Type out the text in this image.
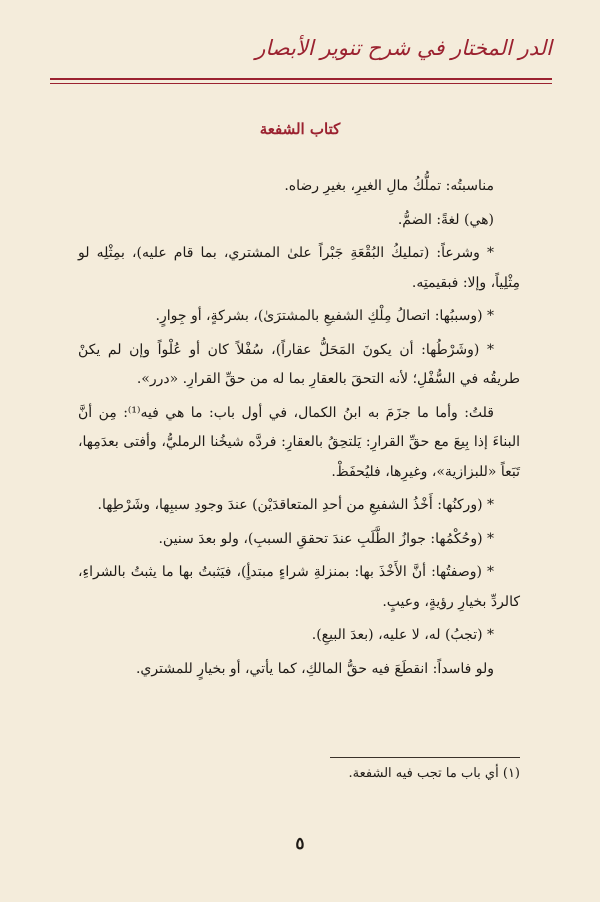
الدر المختار في شرح تنوير الأبصار
كتاب الشفعة

مناسبتُه: تملُّكُ مالِ الغيرِ، بغيرِ رضاه.

(هي) لغةً: الضمُّ.

* وشرعاً: (تمليكُ البُقْعَةِ جَبْراً علىٰ المشتري، بما قام عليه)، بمِثْلِه لو مِثْلِياً، وإلا: فبقيمتِه.

* (وسببُها: اتصالُ مِلْكِ الشفيعِ بالمشترَىٰ)، بشركةٍ، أو جِوارٍ.

* (وشَرْطُها: أن يكونَ المَحَلُّ عقاراً)، سُفْلاً كان أو عُلْواً وإن لم يكنْ طريقُه في السُّفْلِ؛ لأنه التحقَ بالعقارِ بما له من حقِّ القرارِ. «درر».

قلتُ: وأما ما جزَمَ به ابنُ الكمال، في أول باب: ما هي فيه⁽¹⁾: مِن أنَّ البناءَ إذا بِيعَ مع حقِّ القرارِ: يَلتحِقُ بالعقارِ: فردَّه شيخُنا الرمليُّ، وأفتى بعدَمِها، تَبَعاً «للبزازية»، وغيرِها، فليُحفَظْ.

* (وركنُها: أَخْذُ الشفيعِ من أحدِ المتعاقدَيْن) عندَ وجودِ سببِها، وشَرْطِها.

* (وحُكْمُها: جوازُ الطَّلَبِ عندَ تحققِ السببِ)، ولو بعدَ سنين.

* (وصفتُها: أنَّ الأَخْذَ بها: بمنزلةِ شراءٍ مبتدأٍ)، فيَثبتُ بها ما يثبتُ بالشراءِ، كالردِّ بخيارِ رؤيةٍ، وعيبٍ.

* (تجبُ) له، لا عليه، (بعدَ البيعِ).

ولو فاسداً: انقطَعَ فيه حقُّ المالكِ، كما يأتي، أو بخيارٍ للمشتري.

(١) أي باب ما تجب فيه الشفعة.
٥
